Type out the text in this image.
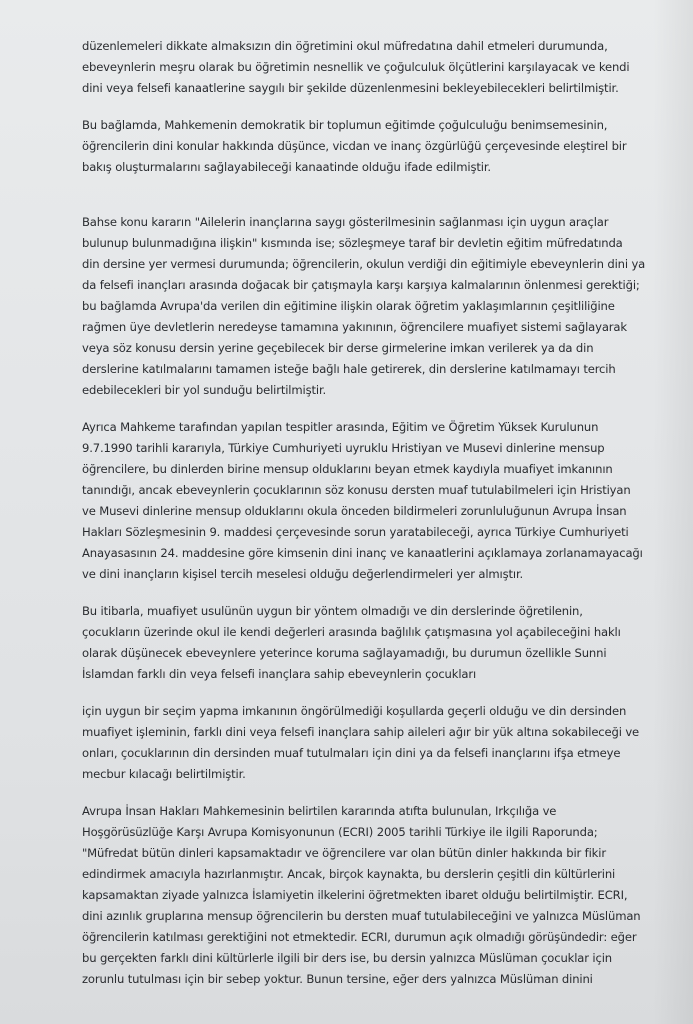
düzenlemeleri dikkate almaksızın din öğretimini okul müfredatına dahil etmeleri durumunda,
ebeveynlerin meşru olarak bu öğretimin nesnellik ve çoğulculuk ölçütlerini karşılayacak ve kendi
dini veya felsefi kanaatlerine saygılı bir şekilde düzenlenmesini bekleyebilecekleri belirtilmiştir.
Bu bağlamda, Mahkemenin demokratik bir toplumun eğitimde çoğulculuğu benimsemesinin,
öğrencilerin dini konular hakkında düşünce, vicdan ve inanç özgürlüğü çerçevesinde eleştirel bir
bakış oluşturmalarını sağlayabileceği kanaatinde olduğu ifade edilmiştir.
Bahse konu kararın "Ailelerin inançlarına saygı gösterilmesinin sağlanması için uygun araçlar
bulunup bulunmadığına ilişkin" kısmında ise; sözleşmeye taraf bir devletin eğitim müfredatında
din dersine yer vermesi durumunda; öğrencilerin, okulun verdiği din eğitimiyle ebeveynlerin dini ya
da felsefi inançları arasında doğacak bir çatışmayla karşı karşıya kalmalarının önlenmesi gerektiği;
bu bağlamda Avrupa'da verilen din eğitimine ilişkin olarak öğretim yaklaşımlarının çeşitliliğine
rağmen üye devletlerin neredeyse tamamına yakınının, öğrencilere muafiyet sistemi sağlayarak
veya söz konusu dersin yerine geçebilecek bir derse girmelerine imkan verilerek ya da din
derslerine katılmalarını tamamen isteğe bağlı hale getirerek, din derslerine katılmamayı tercih
edebilecekleri bir yol sunduğu belirtilmiştir.
Ayrıca Mahkeme tarafından yapılan tespitler arasında, Eğitim ve Öğretim Yüksek Kurulunun
9.7.1990 tarihli kararıyla, Türkiye Cumhuriyeti uyruklu Hristiyan ve Musevi dinlerine mensup
öğrencilere, bu dinlerden birine mensup olduklarını beyan etmek kaydıyla muafiyet imkanının
tanındığı, ancak ebeveynlerin çocuklarının söz konusu dersten muaf tutulabilmeleri için Hristiyan
ve Musevi dinlerine mensup olduklarını okula önceden bildirmeleri zorunluluğunun Avrupa İnsan
Hakları Sözleşmesinin 9. maddesi çerçevesinde sorun yaratabileceği, ayrıca Türkiye Cumhuriyeti
Anayasasının 24. maddesine göre kimsenin dini inanç ve kanaatlerini açıklamaya zorlanamayacağı
ve dini inançların kişisel tercih meselesi olduğu değerlendirmeleri yer almıştır.
Bu itibarla, muafiyet usulünün uygun bir yöntem olmadığı ve din derslerinde öğretilenin,
çocukların üzerinde okul ile kendi değerleri arasında bağlılık çatışmasına yol açabileceğini haklı
olarak düşünecek ebeveynlere yeterince koruma sağlayamadığı, bu durumun özellikle Sunni
İslamdan farklı din veya felsefi inançlara sahip ebeveynlerin çocukları
için uygun bir seçim yapma imkanının öngörülmediği koşullarda geçerli olduğu ve din dersinden
muafiyet işleminin, farklı dini veya felsefi inançlara sahip aileleri ağır bir yük altına sokabileceği ve
onları, çocuklarının din dersinden muaf tutulmaları için dini ya da felsefi inançlarını ifşa etmeye
mecbur kılacağı belirtilmiştir.
Avrupa İnsan Hakları Mahkemesinin belirtilen kararında atıfta bulunulan, Irkçılığa ve
Hoşgörüsüzlüğe Karşı Avrupa Komisyonunun (ECRI) 2005 tarihli Türkiye ile ilgili Raporunda;
"Müfredat bütün dinleri kapsamaktadır ve öğrencilere var olan bütün dinler hakkında bir fikir
edindirmek amacıyla hazırlanmıştır. Ancak, birçok kaynakta, bu derslerin çeşitli din kültürlerini
kapsamaktan ziyade yalnızca İslamiyetin ilkelerini öğretmekten ibaret olduğu belirtilmiştir. ECRI,
dini azınlık gruplarına mensup öğrencilerin bu dersten muaf tutulabileceğini ve yalnızca Müslüman
öğrencilerin katılması gerektiğini not etmektedir. ECRI, durumun açık olmadığı görüşündedir: eğer
bu gerçekten farklı dini kültürlerle ilgili bir ders ise, bu dersin yalnızca Müslüman çocuklar için
zorunlu tutulması için bir sebep yoktur. Bunun tersine, eğer ders yalnızca Müslüman dinini
